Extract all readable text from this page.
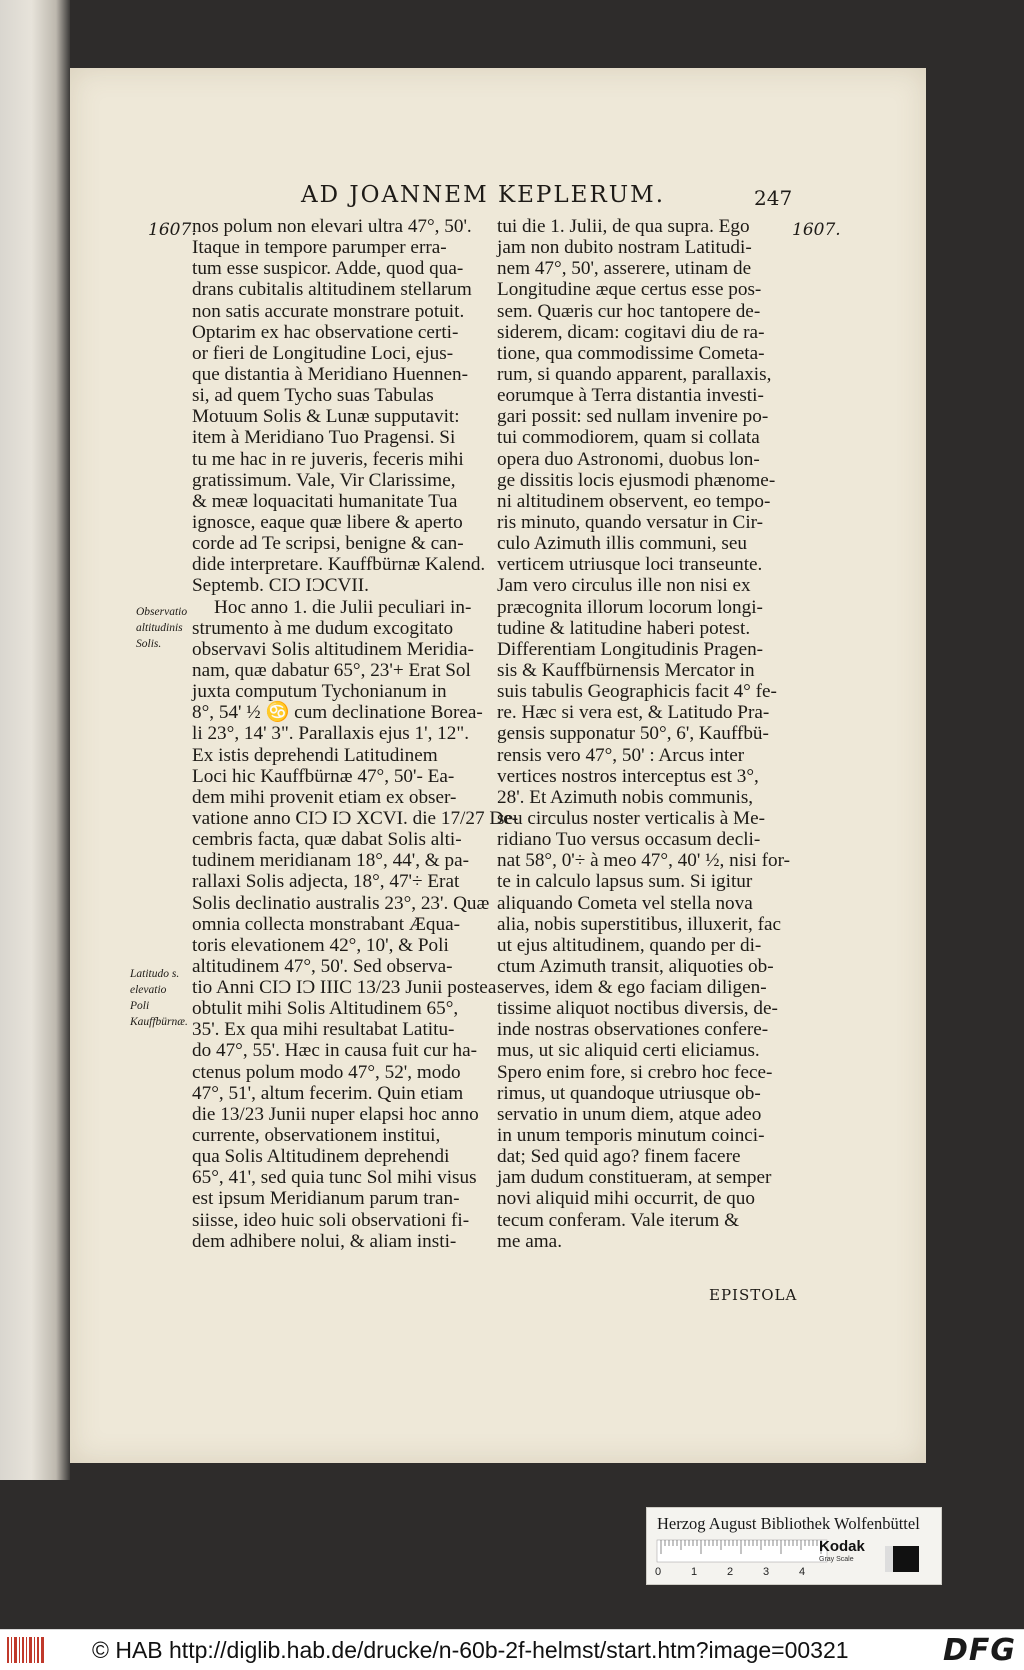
AD JOANNEM KEPLERUM.	247
1607.	1607.
Observatio altitudinis Solis.
Latitudo s. elevatio Poli Kauffbürnæ.
nos polum non elevari ultra 47°, 50'.
Itaque in tempore parumper erra-
tum esse suspicor. Adde, quod qua-
drans cubitalis altitudinem stellarum
non satis accurate monstrare potuit.
Optarim ex hac observatione certi-
or fieri de Longitudine Loci, ejus-
que distantia à Meridiano Huennen-
si, ad quem Tycho suas Tabulas
Motuum Solis & Lunæ supputavit:
item à Meridiano Tuo Pragensi. Si
tu me hac in re juveris, feceris mihi
gratissimum. Vale, Vir Clarissime,
& meæ loquacitati humanitate Tua
ignosce, eaque quæ libere & aperto
corde ad Te scripsi, benigne & can-
dide interpretare. Kauffbürnæ Kalend.
Septemb. CIƆ IƆCVII.
Hoc anno 1. die Julii peculiari in-
strumento à me dudum excogitato
observavi Solis altitudinem Meridia-
nam, quæ dabatur 65°, 23'+ Erat Sol
juxta computum Tychonianum in
8°, 54' ½ ♋ cum declinatione Borea-
li 23°, 14' 3". Parallaxis ejus 1', 12".
Ex istis deprehendi Latitudinem
Loci hic Kauffbürnæ 47°, 50'- Ea-
dem mihi provenit etiam ex obser-
vatione anno CIƆ IƆ XCVI. die 17/27 De-
cembris facta, quæ dabat Solis alti-
tudinem meridianam 18°, 44', & pa-
rallaxi Solis adjecta, 18°, 47'÷ Erat
Solis declinatio australis 23°, 23'. Quæ
omnia collecta monstrabant Æqua-
toris elevationem 42°, 10', & Poli
altitudinem 47°, 50'. Sed observa-
tio Anni CIƆ IƆ IIIC 13/23 Junii postea
obtulit mihi Solis Altitudinem 65°,
35'. Ex qua mihi resultabat Latitu-
do 47°, 55'. Hæc in causa fuit cur ha-
ctenus polum modo 47°, 52', modo
47°, 51', altum fecerim. Quin etiam
die 13/23 Junii nuper elapsi hoc anno
currente, observationem institui,
qua Solis Altitudinem deprehendi
65°, 41', sed quia tunc Sol mihi visus
est ipsum Meridianum parum tran-
siisse, ideo huic soli observationi fi-
dem adhibere nolui, & aliam insti-
tui die 1. Julii, de qua supra. Ego
jam non dubito nostram Latitudi-
nem 47°, 50', asserere, utinam de
Longitudine æque certus esse pos-
sem. Quæris cur hoc tantopere de-
siderem, dicam: cogitavi diu de ra-
tione, qua commodissime Cometa-
rum, si quando apparent, parallaxis,
eorumque à Terra distantia investi-
gari possit: sed nullam invenire po-
tui commodiorem, quam si collata
opera duo Astronomi, duobus lon-
ge dissitis locis ejusmodi phænome-
ni altitudinem observent, eo tempo-
ris minuto, quando versatur in Cir-
culo Azimuth illis communi, seu
verticem utriusque loci transeunte.
Jam vero circulus ille non nisi ex
præcognita illorum locorum longi-
tudine & latitudine haberi potest.
Differentiam Longitudinis Pragen-
sis & Kauffbürnensis Mercator in
suis tabulis Geographicis facit 4° fe-
re. Hæc si vera est, & Latitudo Pra-
gensis supponatur 50°, 6', Kauffbü-
rensis vero 47°, 50' : Arcus inter
vertices nostros interceptus est 3°,
28'. Et Azimuth nobis communis,
seu circulus noster verticalis à Me-
ridiano Tuo versus occasum decli-
nat 58°, 0'÷ à meo 47°, 40' ½, nisi for-
te in calculo lapsus sum. Si igitur
aliquando Cometa vel stella nova
alia, nobis superstitibus, illuxerit, fac
ut ejus altitudinem, quando per di-
ctum Azimuth transit, aliquoties ob-
serves, idem & ego faciam diligen-
tissime aliquot noctibus diversis, de-
inde nostras observationes confere-
mus, ut sic aliquid certi eliciamus.
Spero enim fore, si crebro hoc fece-
rimus, ut quandoque utriusque ob-
servatio in unum diem, atque adeo
in unum temporis minutum coinci-
dat; Sed quid ago? finem facere
jam dudum constitueram, at semper
novi aliquid mihi occurrit, de quo
tecum conferam. Vale iterum &
me ama.
EPISTOLA
Herzog August Bibliothek Wolfenbüttel
0	1	2	3	4
Kodak
Gray Scale
© HAB http://diglib.hab.de/drucke/n-60b-2f-helmst/start.htm?image=00321	DFG
